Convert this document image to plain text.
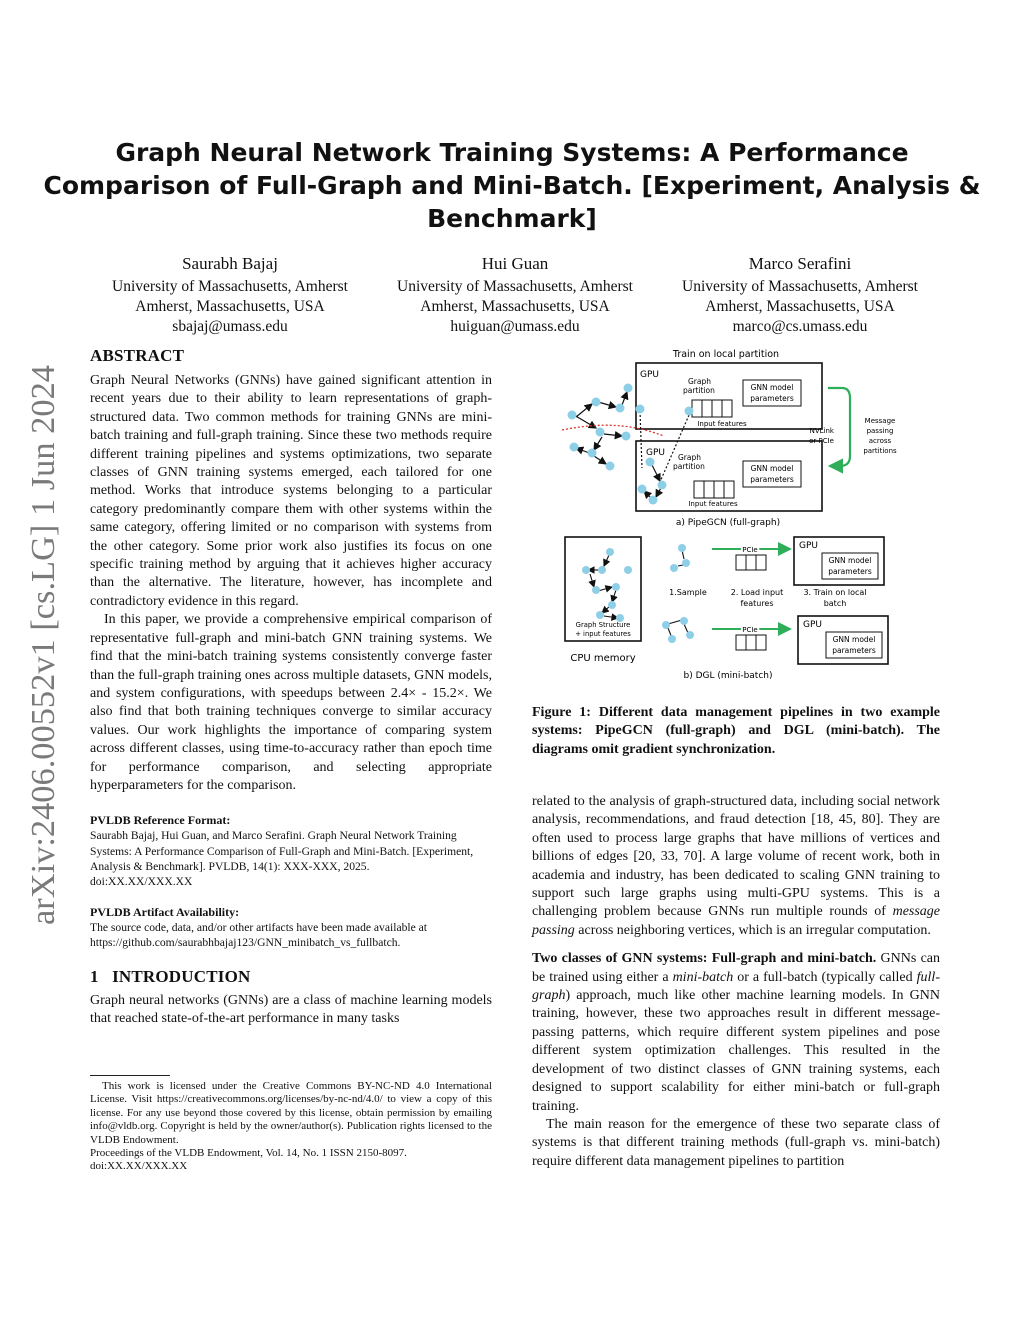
arXiv:2406.00552v1 [cs.LG] 1 Jun 2024
Graph Neural Network Training Systems: A Performance Comparison of Full-Graph and Mini-Batch. [Experiment, Analysis & Benchmark]
Saurabh Bajaj
University of Massachusetts, Amherst
Amherst, Massachusetts, USA
sbajaj@umass.edu
Hui Guan
University of Massachusetts, Amherst
Amherst, Massachusetts, USA
huiguan@umass.edu
Marco Serafini
University of Massachusetts, Amherst
Amherst, Massachusetts, USA
marco@cs.umass.edu
ABSTRACT

Graph Neural Networks (GNNs) have gained significant attention in recent years due to their ability to learn representations of graph-structured data. Two common methods for training GNNs are mini-batch training and full-graph training. Since these two methods require different training pipelines and systems optimizations, two separate classes of GNN training systems emerged, each tailored for one method. Works that introduce systems belonging to a particular category predominantly compare them with other systems within the same category, offering limited or no comparison with systems from the other category. Some prior work also justifies its focus on one specific training method by arguing that it achieves higher accuracy than the alternative. The literature, however, has incomplete and contradictory evidence in this regard.

In this paper, we provide a comprehensive empirical comparison of representative full-graph and mini-batch GNN training systems. We find that the mini-batch training systems consistently converge faster than the full-graph training ones across multiple datasets, GNN models, and system configurations, with speedups between 2.4× - 15.2×. We also find that both training techniques converge to similar accuracy values. Our work highlights the importance of comparing system across different classes, using time-to-accuracy rather than epoch time for performance comparison, and selecting appropriate hyperparameters for the comparison.

PVLDB Reference Format:

Saurabh Bajaj, Hui Guan, and Marco Serafini. Graph Neural Network Training Systems: A Performance Comparison of Full-Graph and Mini-Batch. [Experiment, Analysis & Benchmark]. PVLDB, 14(1): XXX-XXX, 2025.

doi:XX.XX/XXX.XX

PVLDB Artifact Availability:

The source code, data, and/or other artifacts have been made available at

https://github.com/saurabhbajaj123/GNN_minibatch_vs_fullbatch.

1 INTRODUCTION

Graph neural networks (GNNs) are a class of machine learning models that reached state-of-the-art performance in many tasks

This work is licensed under the Creative Commons BY-NC-ND 4.0 International License. Visit https://creativecommons.org/licenses/by-nc-nd/4.0/ to view a copy of this license. For any use beyond those covered by this license, obtain permission by emailing info@vldb.org. Copyright is held by the owner/author(s). Publication rights licensed to the VLDB Endowment.

Proceedings of the VLDB Endowment, Vol. 14, No. 1 ISSN 2150-8097.

doi:XX.XX/XXX.XX

Train on local partition
GPU
GPU
Graph
partition
Graph
partition
GNN model
parameters
GNN model
parameters
Input features
Input features
NVLink
or PCIe
Message
passing
across
partitions
a) PipeGCN (full-graph)
Graph Structure
+ input features
CPU memory
1.Sample
PCIe
PCIe
2. Load input
features
GPU
GNN model
parameters
3. Train on local
batch
GPU
GNN model
parameters
b) DGL (mini-batch)
Figure 1: Different data management pipelines in two example systems: PipeGCN (full-graph) and DGL (mini-batch). The diagrams omit gradient synchronization.

related to the analysis of graph-structured data, including social network analysis, recommendations, and fraud detection [18, 45, 80]. They are often used to process large graphs that have millions of vertices and billions of edges [20, 33, 70]. A large volume of recent work, both in academia and industry, has been dedicated to scaling GNN training to support such large graphs using multi-GPU systems. This is a challenging problem because GNNs run multiple rounds of message passing across neighboring vertices, which is an irregular computation.

Two classes of GNN systems: Full-graph and mini-batch. GNNs can be trained using either a mini-batch or a full-batch (typically called full-graph) approach, much like other machine learning models. In GNN training, however, these two approaches result in different message-passing patterns, which require different system pipelines and pose different system optimization challenges. This resulted in the development of two distinct classes of GNN training systems, each designed to support scalability for either mini-batch or full-graph training.

The main reason for the emergence of these two separate class of systems is that different training methods (full-graph vs. mini-batch) require different data management pipelines to partition
